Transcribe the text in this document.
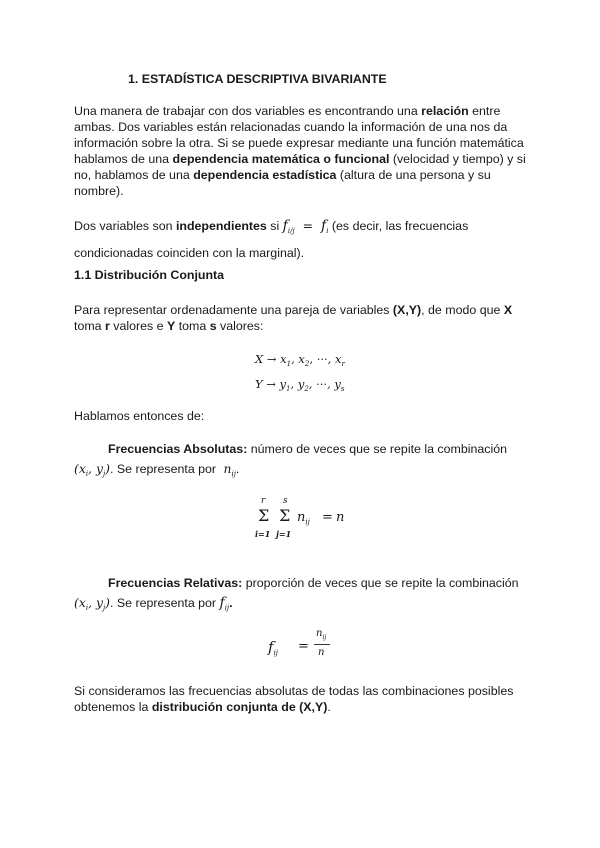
1. ESTADÍSTICA DESCRIPTIVA BIVARIANTE
Una manera de trabajar con dos variables es encontrando una relación entre ambas. Dos variables están relacionadas cuando la información de una nos da información sobre la otra. Si se puede expresar mediante una función matemática hablamos de una dependencia matemática o funcional (velocidad y tiempo) y si no, hablamos de una dependencia estadística (altura de una persona y su nombre).
Dos variables son independientes si $f_{i/j} = f_i$ (es decir, las frecuencias
condicionadas coinciden con la marginal).
1.1 Distribución Conjunta
Para representar ordenadamente una pareja de variables (X,Y), de modo que X
toma r valores e Y toma s valores:
$X \to x_1$, $x_2$, ···, $x_r$
$Y \to y_1$, $y_2$, ···, $y_s$
Hablamos entonces de:
Frecuencias Absolutas: número de veces que se repite la combinación
($x_i$, $y_j$). Se representa por $n_{ij}$.
r
Σ
i=1
s
Σ
j=1
$n_{ij} = n$
Frecuencias Relativas: proporción de veces que se repite la combinación
($x_i$, $y_j$). Se representa por $f_{ij}$.
$f_{ij}$ =
$n_{ij}$
n
Si consideramos las frecuencias absolutas de todas las combinaciones posibles obtenemos la distribución conjunta de (X,Y).
